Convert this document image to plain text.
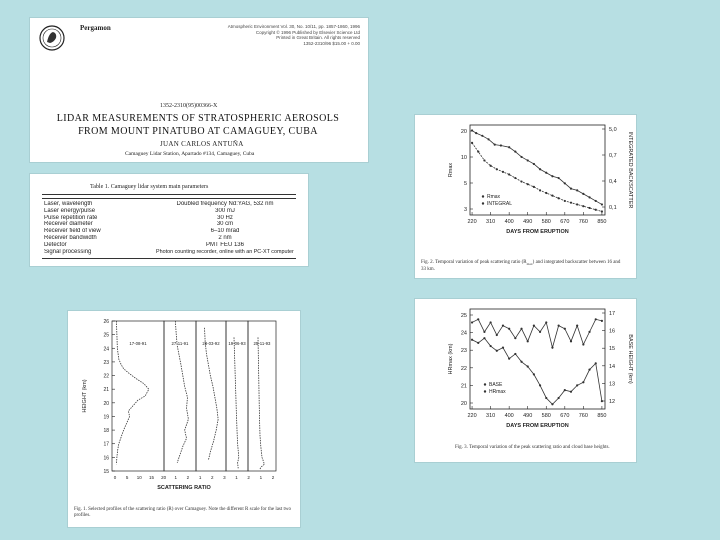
Pergamon	Atmospheric Environment Vol. 30, No. 10/11, pp. 1857-1860, 1996
Copyright © 1996 Published by Elsevier Science Ltd
Printed in Great Britain. All rights reserved
1352-2310/96 $15.00 + 0.00
1352-2310(95)00366-X
LIDAR MEASUREMENTS OF STRATOSPHERIC AEROSOLS
FROM MOUNT PINATUBO AT CAMAGUEY, CUBA
JUAN CARLOS ANTUÑA
Camaguey Lidar Station, Apartado #134, Camaguey, Cuba
Table 1. Camaguey lidar system main parameters
Laser, wavelength	Doubled frequency Nd:YAG, 532 nm
Laser energy/pulse	300 mJ
Pulse repetition rate	30 Hz
Receiver diameter	30 cm
Receiver field of view	6–10 mrad
Receiver bandwidth	2 nm
Detector	PMT FEU 136
Signal processing	Photon counting recorder, online with an PC-XT computer
15
16
17
18
19
20
21
22
23
24
25
26
HEIGHT (km)
0 5 10 15 20 1 2 1 2 3 1 2 1 2
SCATTERING RATIO
17-08-91	27-11-91	28-03-92 19-06-93 25-11-93
Fig. 1. Selected profiles of the scattering ratio (R) over Camaguey. Note the different R scale for the last two profiles.
220 310 400 490 580 670 760 850
DAYS FROM ERUPTION
20
10
5
3
5,0
0,7
0,4
0,1
Rmax	INTEGRATED BACKSCATTER
Rmax
INTEGRAL
Fig. 2. Temporal variation of peak scattering ratio $(R_{max})$ and integrated backscatter between 16 and
33 km.
220 310 400 490 580 670 760 850
DAYS FROM ERUPTION
25
24
23
22
21
20
17
16
15
14
13
12
HRmax (km)	BASE HEIGHT (km)
BASE
HRmax
Fig. 3. Temporal variation of the peak scattering ratio and cloud base heights.
